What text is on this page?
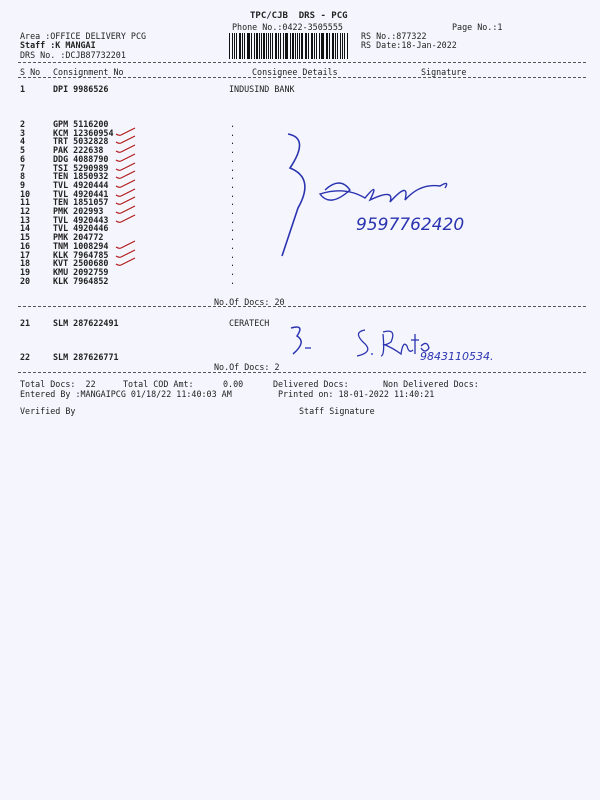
TPC/CJB  DRS - PCG
Phone No.:0422-3505555	Page No.:1
Area :OFFICE DELIVERY PCG
Staff :K MANGAI
DRS No. :DCJB87732201
RS No.:877322
RS Date:18-Jan-2022
S No Consignment No	Consignee Details	Signature
1	DPI 9986526	INDUSIND BANK
2	GPM 5116200	.
3	KCM 12360954	.
4	TRT 5032828	.
5	PAK 222638	.
6	DDG 4088790	.
7	TSI 5290989	.
8	TEN 1850932	.
9	TVL 4920444	.
10	TVL 4920441	.
11	TEN 1851057	.
12	PMK 202993	.
13	TVL 4920443	.
14	TVL 4920446	.
15	PMK 204772	.
16	TNM 1008294	.
17	KLK 7964785	.
18	KVT 2500680	.
19	KMU 2092759	.
20	KLK 7964852	.
No.Of Docs: 20
21	SLM 287622491	CERATECH
22	SLM 287626771
No.Of Docs: 2
Total Docs:  22	Total COD Amt:	0.00	Delivered Docs:	Non Delivered Docs:
Entered By :MANGAIPCG 01/18/22 11:40:03 AM	Printed on: 18-01-2022 11:40:21
Verified By	Staff Signature
9597762420
9843110534.
